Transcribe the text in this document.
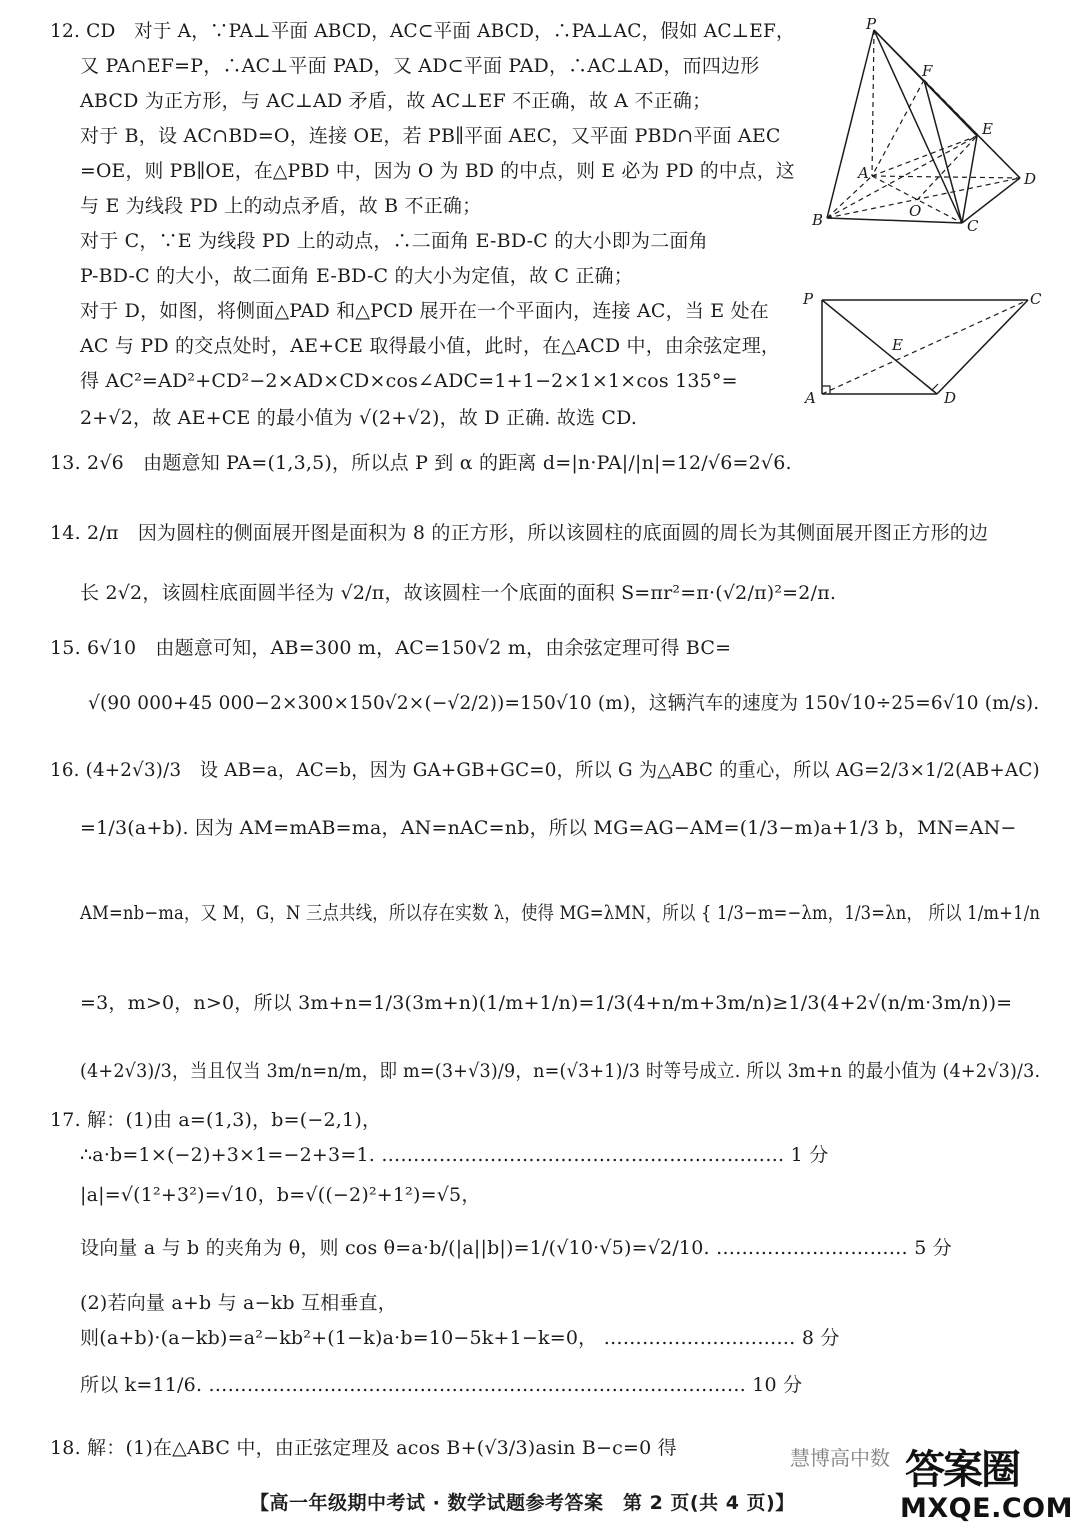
12. CD　对于 A，∵PA⊥平面 ABCD，AC⊂平面 ABCD，∴PA⊥AC，假如 AC⊥EF，
又 PA∩EF=P，∴AC⊥平面 PAD，又 AD⊂平面 PAD，∴AC⊥AD，而四边形
ABCD 为正方形，与 AC⊥AD 矛盾，故 AC⊥EF 不正确，故 A 不正确；
对于 B，设 AC∩BD=O，连接 OE，若 PB∥平面 AEC，又平面 PBD∩平面 AEC
=OE，则 PB∥OE，在△PBD 中，因为 O 为 BD 的中点，则 E 必为 PD 的中点，这
与 E 为线段 PD 上的动点矛盾，故 B 不正确；
对于 C，∵E 为线段 PD 上的动点，∴二面角 E-BD-C 的大小即为二面角
P-BD-C 的大小，故二面角 E-BD-C 的大小为定值，故 C 正确；
对于 D，如图，将侧面△PAD 和△PCD 展开在一个平面内，连接 AC，当 E 处在
AC 与 PD 的交点处时，AE+CE 取得最小值，此时，在△ACD 中，由余弦定理，
得 AC²=AD²+CD²−2×AD×CD×cos∠ADC=1+1−2×1×1×cos 135°=
2+√2，故 AE+CE 的最小值为 √(2+√2)，故 D 正确. 故选 CD.
13. 2√6　由题意知 PA=(1,3,5)，所以点 P 到 α 的距离 d=|n·PA|/|n|=12/√6=2√6.
14. 2/π　因为圆柱的侧面展开图是面积为 8 的正方形，所以该圆柱的底面圆的周长为其侧面展开图正方形的边
长 2√2，该圆柱底面圆半径为 √2/π，故该圆柱一个底面的面积 S=πr²=π·(√2/π)²=2/π.
15. 6√10　由题意可知，AB=300 m，AC=150√2 m，由余弦定理可得 BC=
√(90 000+45 000−2×300×150√2×(−√2/2))=150√10 (m)，这辆汽车的速度为 150√10÷25=6√10 (m/s).
16. (4+2√3)/3　设 AB=a，AC=b，因为 GA+GB+GC=0，所以 G 为△ABC 的重心，所以 AG=2/3×1/2(AB+AC)
=1/3(a+b). 因为 AM=mAB=ma，AN=nAC=nb，所以 MG=AG−AM=(1/3−m)a+1/3 b，MN=AN−
AM=nb−ma，又 M，G，N 三点共线，所以存在实数 λ，使得 MG=λMN，所以 { 1/3−m=−λm，1/3=λn， 所以 1/m+1/n
=3，m>0，n>0，所以 3m+n=1/3(3m+n)(1/m+1/n)=1/3(4+n/m+3m/n)≥1/3(4+2√(n/m·3m/n))=
(4+2√3)/3，当且仅当 3m/n=n/m，即 m=(3+√3)/9，n=(√3+1)/3 时等号成立. 所以 3m+n 的最小值为 (4+2√3)/3.
17. 解：(1)由 a=(1,3)，b=(−2,1)，
∴a·b=1×(−2)+3×1=−2+3=1. ……………………………………………………… 1 分
|a|=√(1²+3²)=√10，b=√((−2)²+1²)=√5，
设向量 a 与 b 的夹角为 θ，则 cos θ=a·b/(|a||b|)=1/(√10·√5)=√2/10. ………………………… 5 分
(2)若向量 a+b 与 a−kb 互相垂直，
则(a+b)·(a−kb)=a²−kb²+(1−k)a·b=10−5k+1−k=0， ………………………… 8 分
所以 k=11/6. ………………………………………………………………………… 10 分
18. 解：(1)在△ABC 中，由正弦定理及 acos B+(√3/3)asin B−c=0 得
P
F
E
A	D
O
B	C
P	C
E
A	D
【高一年级期中考试 · 数学试题参考答案　第 2 页(共 4 页)】
慧博高中数 答案圈
MXQE.COM
